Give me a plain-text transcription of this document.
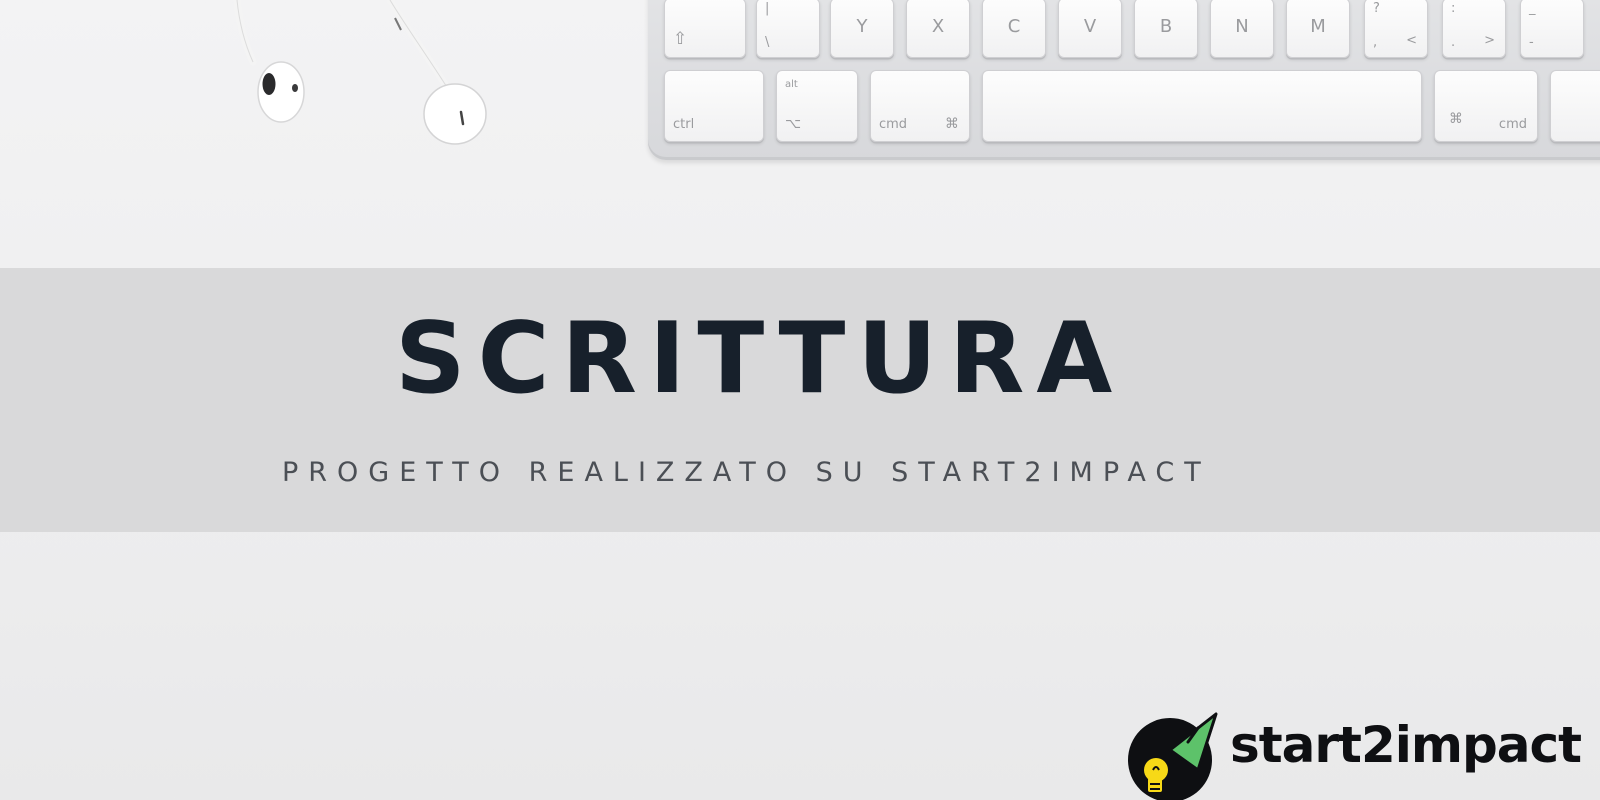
⇧
|
\
Y	X	C	V	B	N	M
?
, <
:
. >
_
-
ctrl
alt
⌥	cmd	⌘	⌘	cmd
SCRITTURA
PROGETTO REALIZZATO SU START2IMPACT
start2impact
